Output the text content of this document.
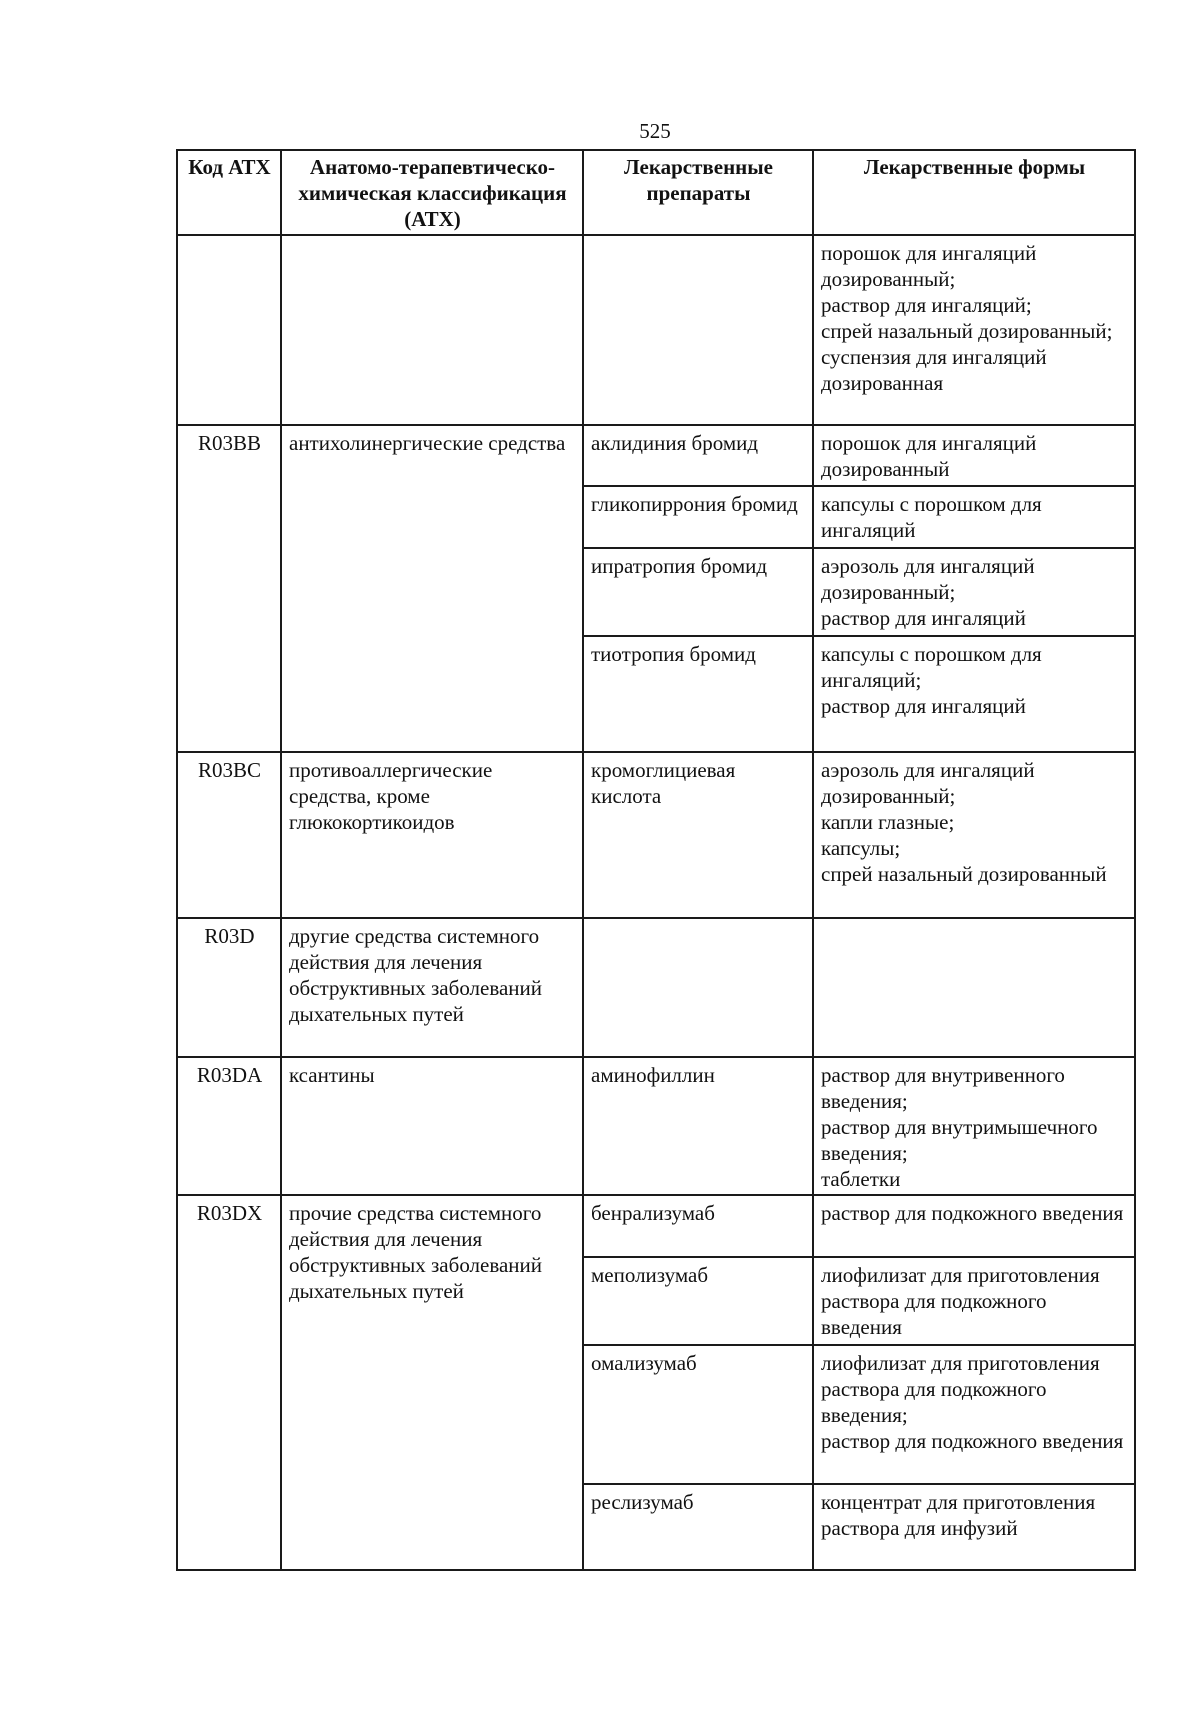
525
Код АТХ	Анатомо-терапевтическо-химическая классификация (АТХ)	Лекарственные препараты	Лекарственные формы

			порошок для ингаляций дозированный;
раствор для ингаляций;
спрей назальный дозированный;
суспензия для ингаляций дозированная

R03BB	антихолинергические средства	аклидиния бромид	порошок для ингаляций дозированный

		гликопиррония бромид	капсулы с порошком для ингаляций

		ипратропия бромид	аэрозоль для ингаляций дозированный;
раствор для ингаляций

		тиотропия бромид	капсулы с порошком для ингаляций;
раствор для ингаляций

R03BC	противоаллергические средства, кроме глюкокортикоидов	кромоглициевая кислота	аэрозоль для ингаляций дозированный;
капли глазные;
капсулы;
спрей назальный дозированный

R03D	другие средства системного действия для лечения обструктивных заболеваний дыхательных путей		
R03DA	ксантины	аминофиллин	раствор для внутривенного введения;
раствор для внутримышечного введения;
таблетки

R03DX	прочие средства системного действия для лечения обструктивных заболеваний дыхательных путей	бенрализумаб	раствор для подкожного введения

		меполизумаб	лиофилизат для приготовления раствора для подкожного введения

		омализумаб	лиофилизат для приготовления раствора для подкожного введения;
раствор для подкожного введения

		реслизумаб	концентрат для приготовления раствора для инфузий
